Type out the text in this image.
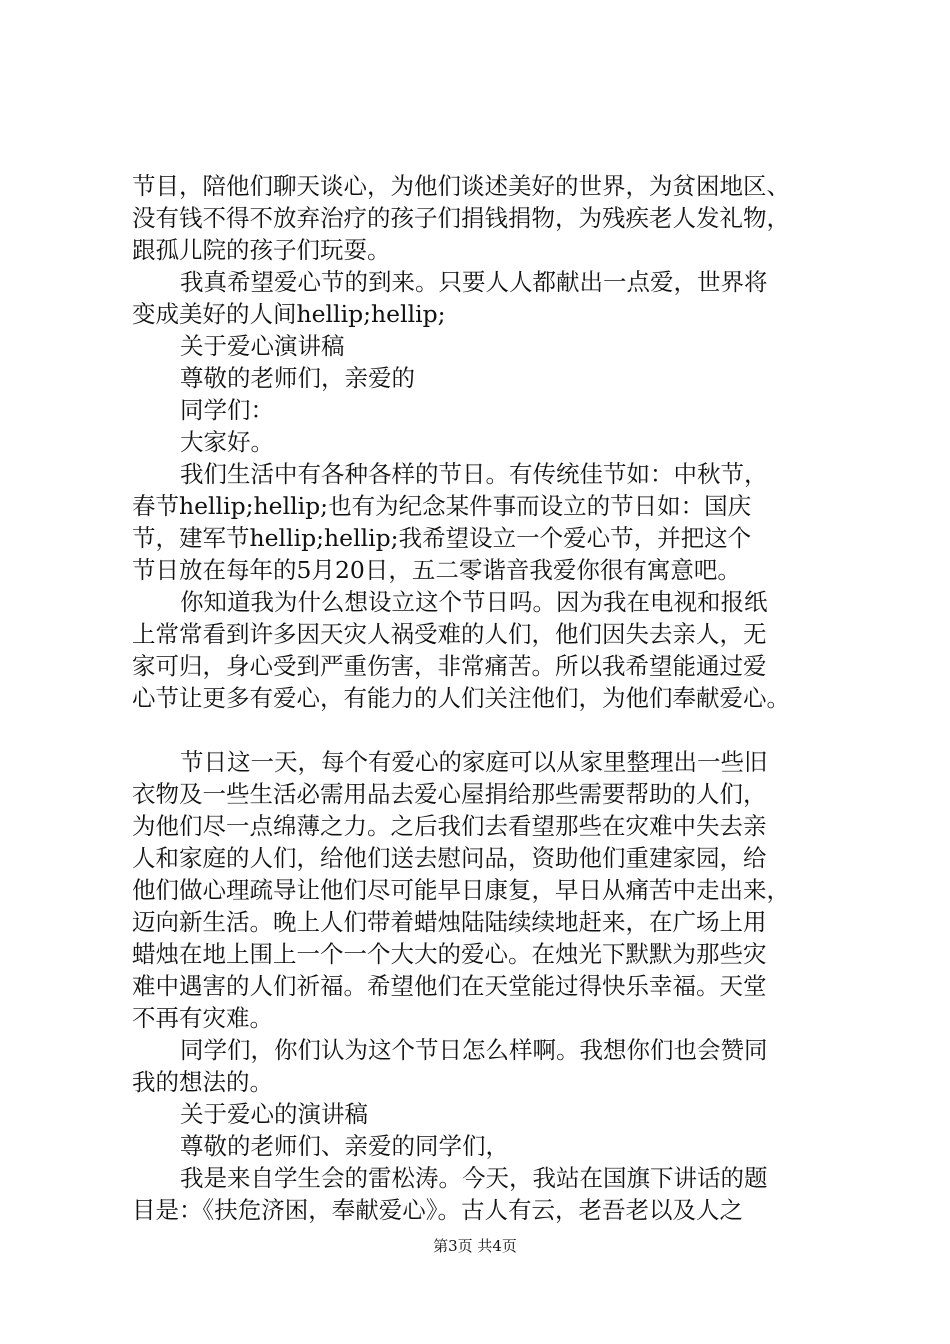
节目，陪他们聊天谈心，为他们谈述美好的世界，为贫困地区、
没有钱不得不放弃治疗的孩子们捐钱捐物，为残疾老人发礼物，
跟孤儿院的孩子们玩耍。
我真希望爱心节的到来。只要人人都献出一点爱，世界将
变成美好的人间hellip;hellip;
关于爱心演讲稿
尊敬的老师们，亲爱的
同学们：
大家好。
我们生活中有各种各样的节日。有传统佳节如：中秋节，
春节hellip;hellip;也有为纪念某件事而设立的节日如：国庆
节，建军节hellip;hellip;我希望设立一个爱心节，并把这个
节日放在每年的5月20日，五二零谐音我爱你很有寓意吧。
你知道我为什么想设立这个节日吗。因为我在电视和报纸
上常常看到许多因天灾人祸受难的人们，他们因失去亲人，无
家可归，身心受到严重伤害，非常痛苦。所以我希望能通过爱
心节让更多有爱心，有能力的人们关注他们，为他们奉献爱心。
节日这一天，每个有爱心的家庭可以从家里整理出一些旧
衣物及一些生活必需用品去爱心屋捐给那些需要帮助的人们，
为他们尽一点绵薄之力。之后我们去看望那些在灾难中失去亲
人和家庭的人们，给他们送去慰问品，资助他们重建家园，给
他们做心理疏导让他们尽可能早日康复，早日从痛苦中走出来，
迈向新生活。晚上人们带着蜡烛陆陆续续地赶来，在广场上用
蜡烛在地上围上一个一个大大的爱心。在烛光下默默为那些灾
难中遇害的人们祈福。希望他们在天堂能过得快乐幸福。天堂
不再有灾难。
同学们，你们认为这个节日怎么样啊。我想你们也会赞同
我的想法的。
关于爱心的演讲稿
尊敬的老师们、亲爱的同学们，
我是来自学生会的雷松涛。今天，我站在国旗下讲话的题
目是：《扶危济困，奉献爱心》。古人有云，老吾老以及人之
第3页 共4页
